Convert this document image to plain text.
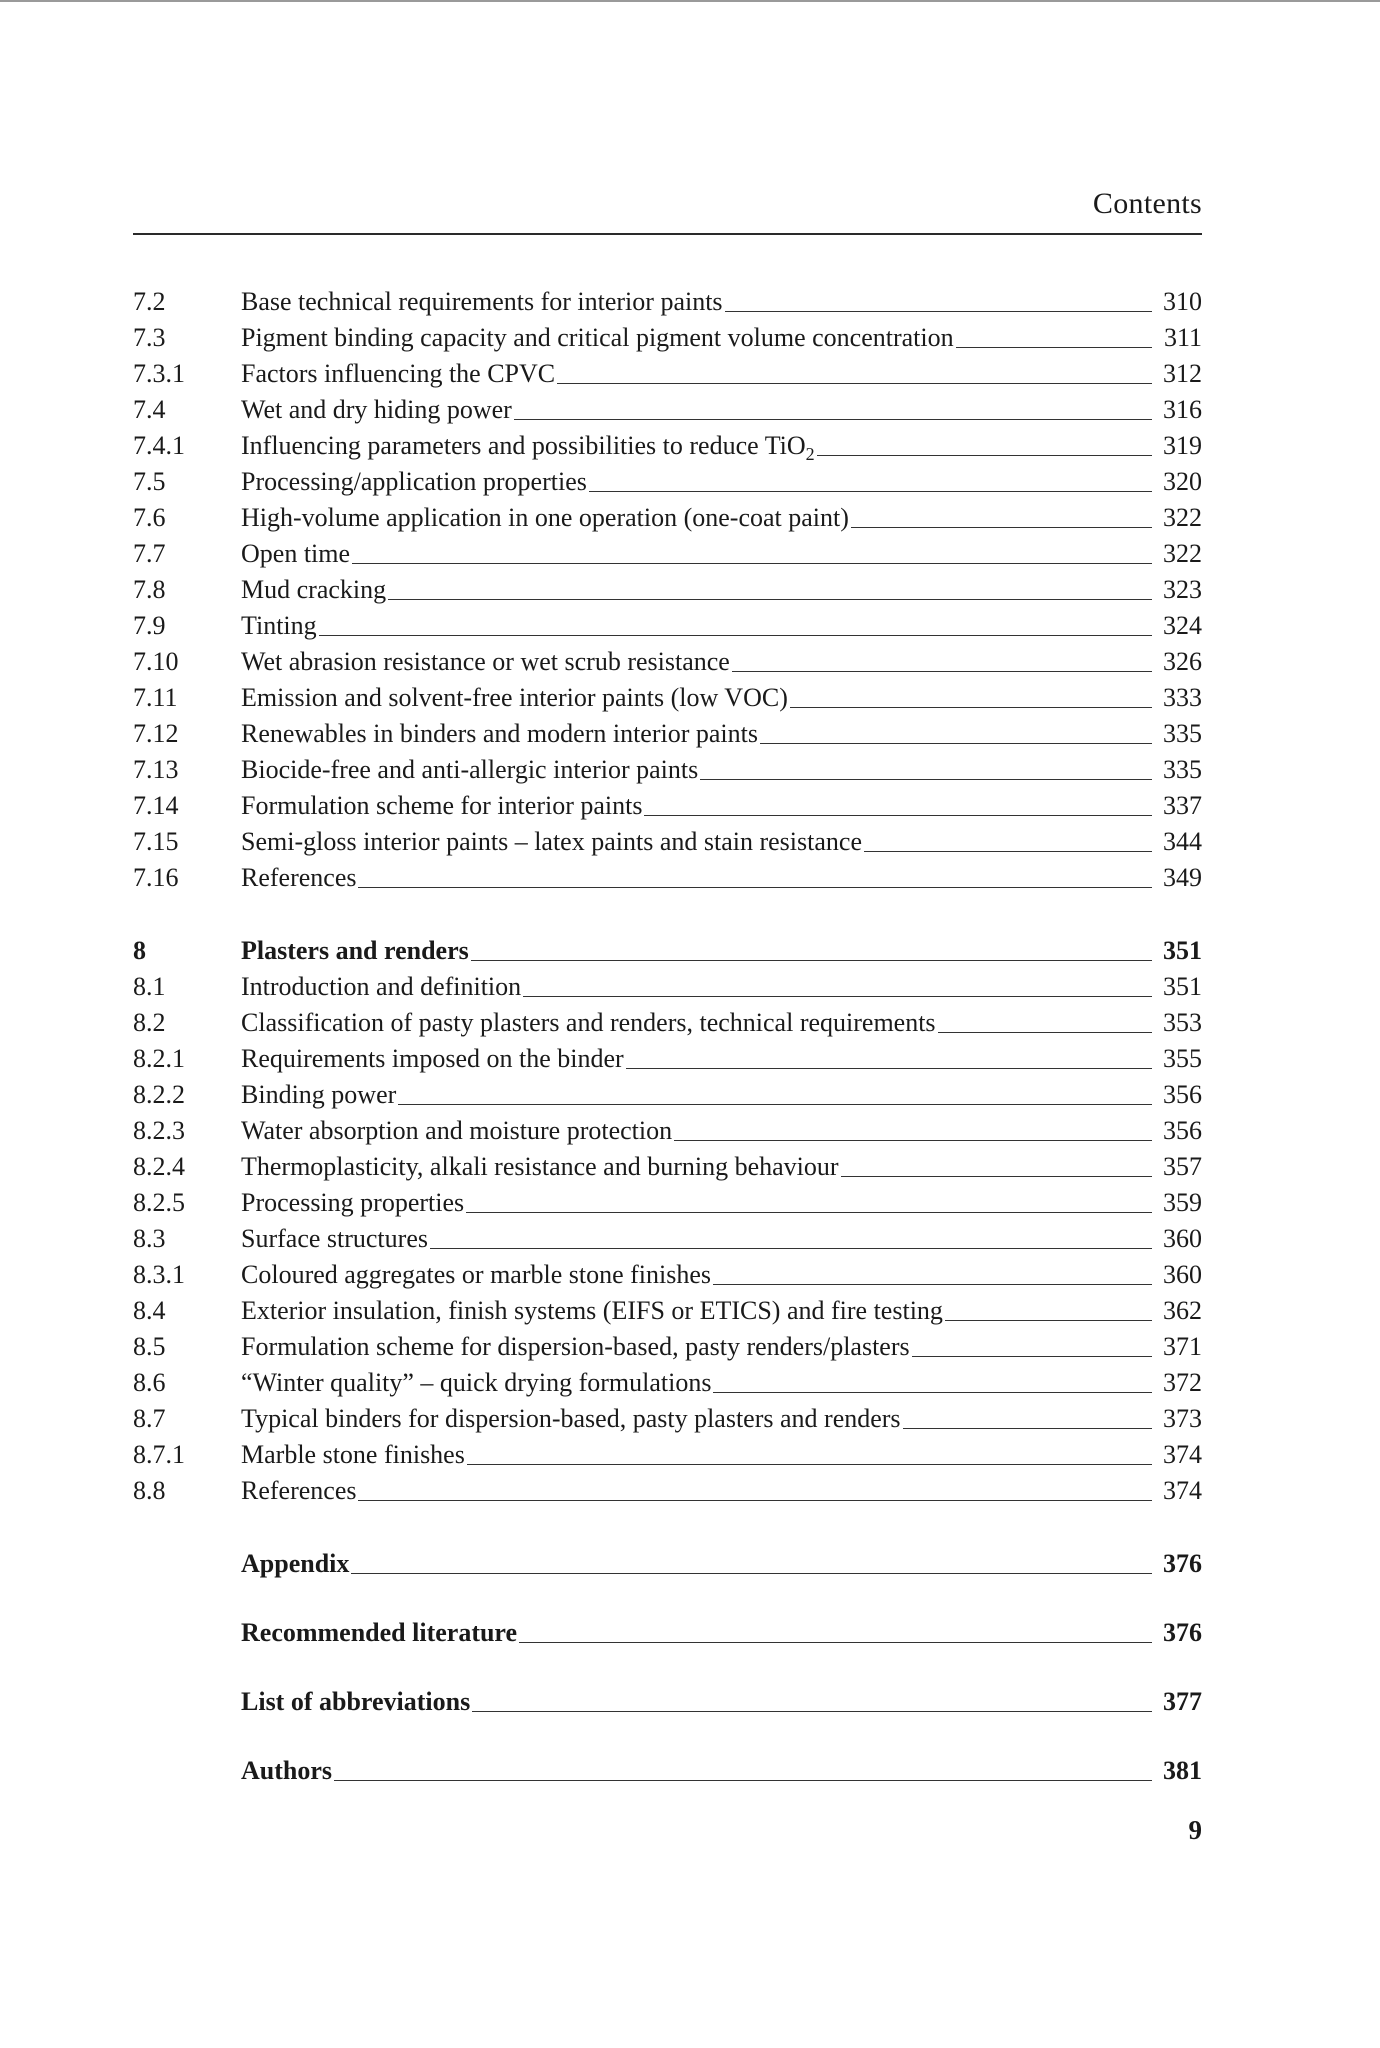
Contents
7.2	Base technical requirements for interior paints	310
7.3	Pigment binding capacity and critical pigment volume concentration	311
7.3.1	Factors influencing the CPVC	312
7.4	Wet and dry hiding power	316
7.4.1	Influencing parameters and possibilities to reduce TiO$_2$	319
7.5	Processing/application properties	320
7.6	High-volume application in one operation (one-coat paint)	322
7.7	Open time	322
7.8	Mud cracking	323
7.9	Tinting	324
7.10	Wet abrasion resistance or wet scrub resistance	326
7.11	Emission and solvent-free interior paints (low VOC)	333
7.12	Renewables in binders and modern interior paints	335
7.13	Biocide-free and anti-allergic interior paints	335
7.14	Formulation scheme for interior paints	337
7.15	Semi-gloss interior paints – latex paints and stain resistance	344
7.16	References	349
8	Plasters and renders	351
8.1	Introduction and definition	351
8.2	Classification of pasty plasters and renders, technical requirements	353
8.2.1	Requirements imposed on the binder	355
8.2.2	Binding power	356
8.2.3	Water absorption and moisture protection	356
8.2.4	Thermoplasticity, alkali resistance and burning behaviour	357
8.2.5	Processing properties	359
8.3	Surface structures	360
8.3.1	Coloured aggregates or marble stone finishes	360
8.4	Exterior insulation, finish systems (EIFS or ETICS) and fire testing	362
8.5	Formulation scheme for dispersion-based, pasty renders/plasters	371
8.6	“Winter quality” – quick drying formulations	372
8.7	Typical binders for dispersion-based, pasty plasters and renders	373
8.7.1	Marble stone finishes	374
8.8	References	374
Appendix	376
Recommended literature	376
List of abbreviations	377
Authors	381
9
